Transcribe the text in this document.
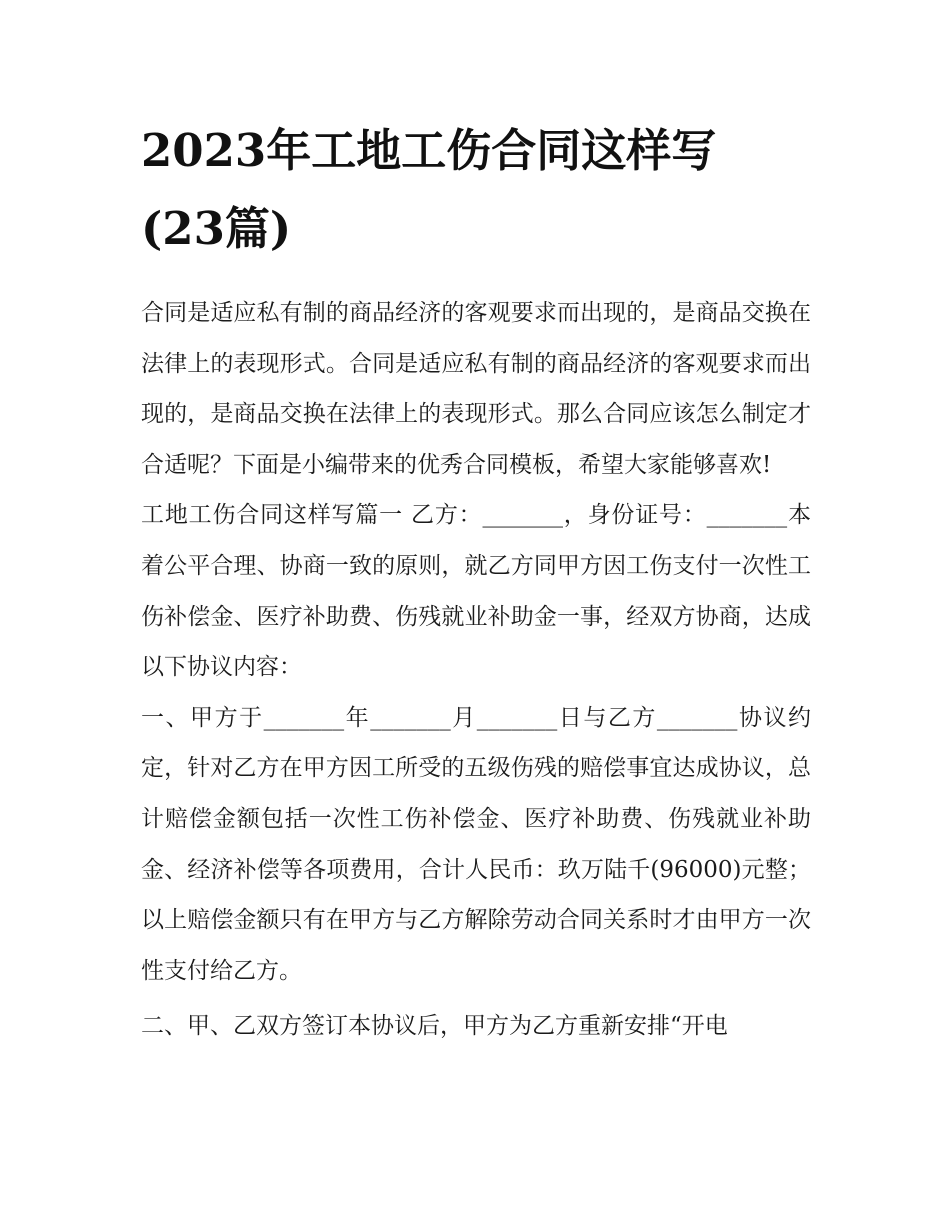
2023年工地工伤合同这样写
(23篇)

合同是适应私有制的商品经济的客观要求而出现的，是商品交换在法律上的表现形式。合同是适应私有制的商品经济的客观要求而出现的，是商品交换在法律上的表现形式。那么合同应该怎么制定才合适呢？下面是小编带来的优秀合同模板，希望大家能够喜欢!

工地工伤合同这样写篇一 乙方：_______，身份证号：_______本着公平合理、协商一致的原则，就乙方同甲方因工伤支付一次性工伤补偿金、医疗补助费、伤残就业补助金一事，经双方协商，达成以下协议内容：

一、甲方于_______年_______月_______日与乙方_______协议约定，针对乙方在甲方因工所受的五级伤残的赔偿事宜达成协议，总计赔偿金额包括一次性工伤补偿金、医疗补助费、伤残就业补助金、经济补偿等各项费用，合计人民币：玖万陆千(96000)元整；以上赔偿金额只有在甲方与乙方解除劳动合同关系时才由甲方一次性支付给乙方。

二、甲、乙双方签订本协议后，甲方为乙方重新安排“开电
